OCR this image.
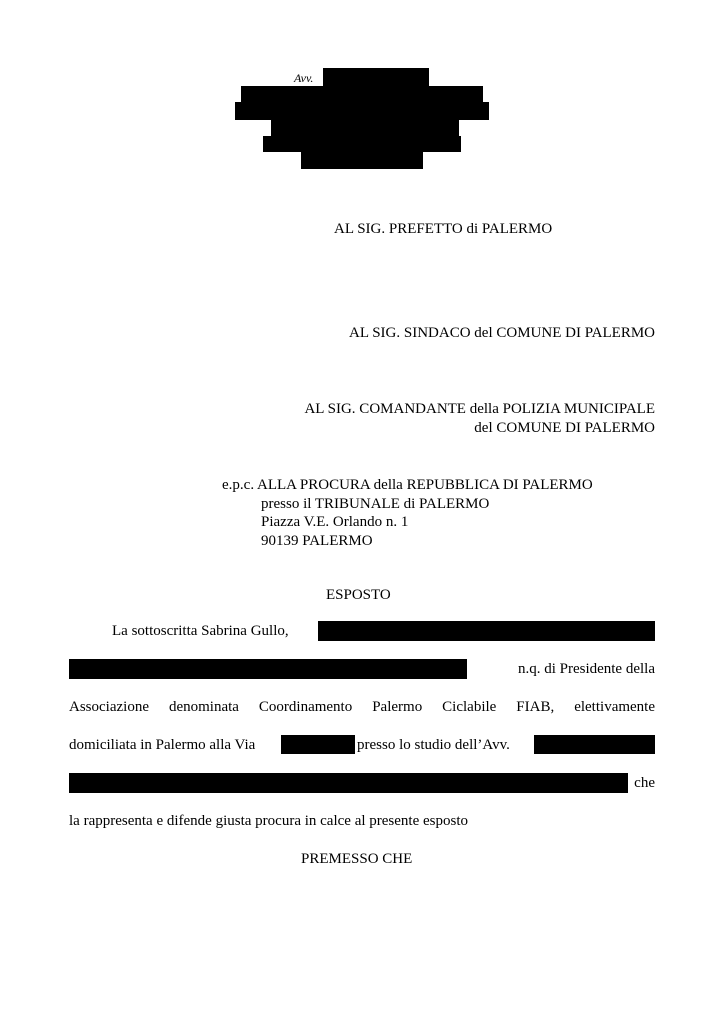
Avv.
AL SIG. PREFETTO di PALERMO
AL SIG. SINDACO del COMUNE DI PALERMO
AL SIG. COMANDANTE della POLIZIA MUNICIPALE
del COMUNE DI PALERMO
e.p.c. ALLA PROCURA della REPUBBLICA DI PALERMO
presso il TRIBUNALE di PALERMO
Piazza V.E. Orlando n. 1
90139 PALERMO
ESPOSTO
La sottoscritta Sabrina Gullo,
n.q. di Presidente della
Associazione denominata Coordinamento Palermo Ciclabile FIAB, elettivamente
domiciliata in Palermo alla Via	presso lo studio dell’Avv.
che
la rappresenta e difende giusta procura in calce al presente esposto
PREMESSO CHE
